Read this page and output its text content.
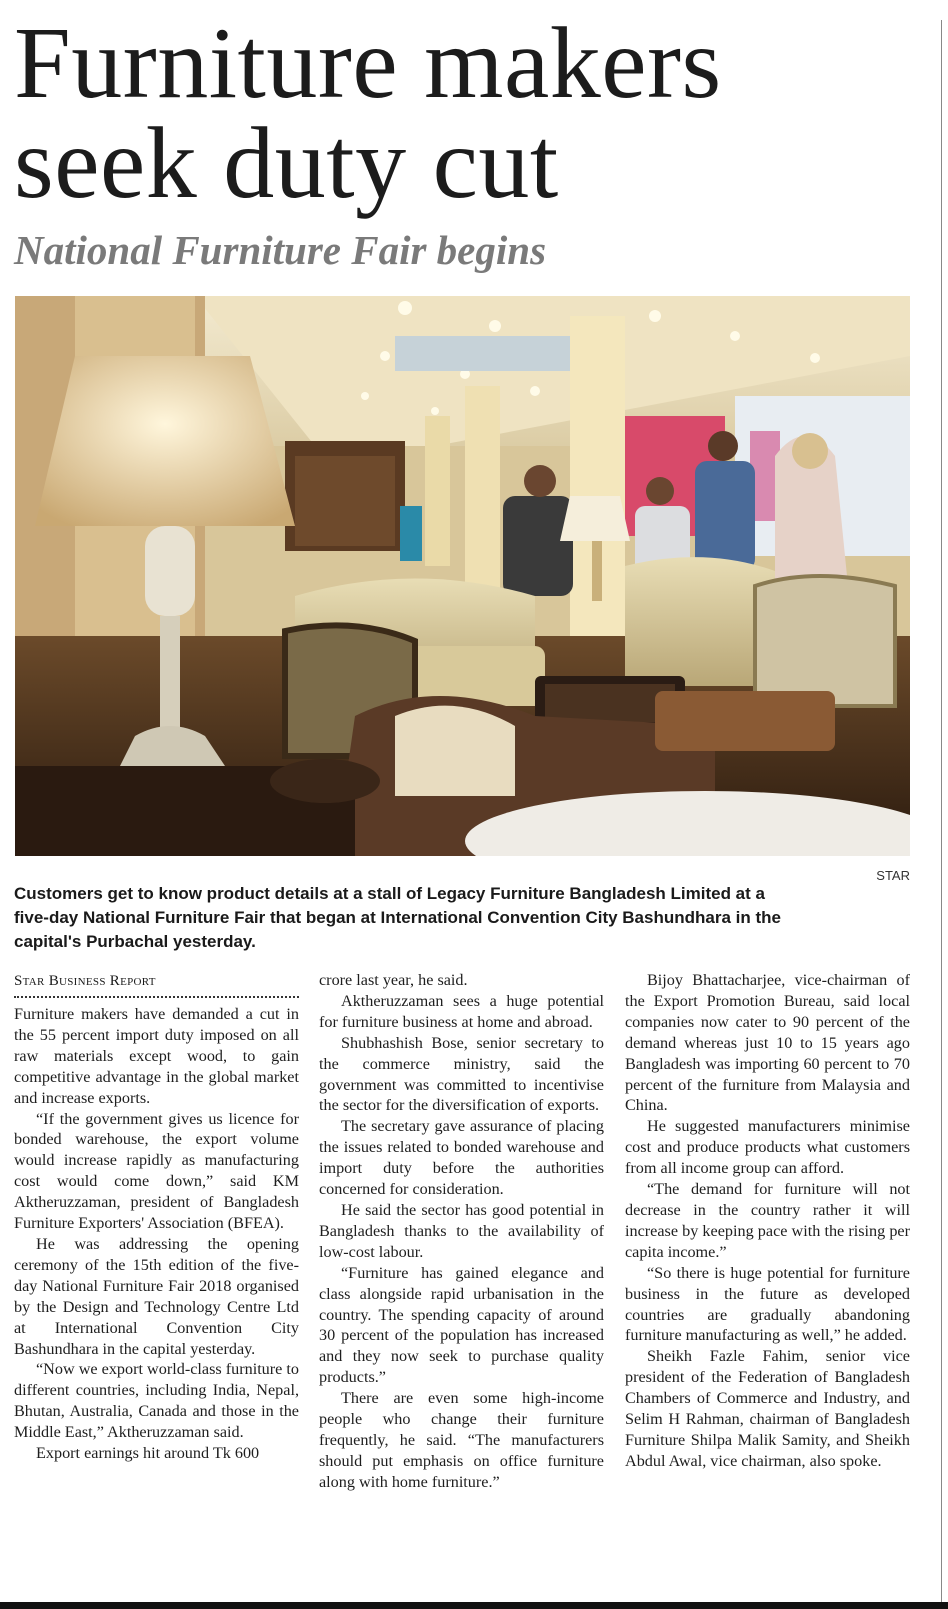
Furniture makers seek duty cut
National Furniture Fair begins
STAR

Customers get to know product details at a stall of Legacy Furniture Bangladesh Limited at a five-day National Furniture Fair that began at International Convention City Bashundhara in the capital's Purbachal yesterday.

Star Business Report

Furniture makers have demanded a cut in the 55 percent import duty imposed on all raw materials except wood, to gain competitive advantage in the global market and increase exports.

“If the government gives us licence for bonded warehouse, the export volume would increase rapidly as manufacturing cost would come down,” said KM Aktheruzzaman, president of Bangladesh Furniture Exporters' Association (BFEA).

He was addressing the opening ceremony of the 15th edition of the five-day National Furniture Fair 2018 organised by the Design and Technology Centre Ltd at International Convention City Bashundhara in the capital yesterday.

“Now we export world-class furniture to different countries, including India, Nepal, Bhutan, Australia, Canada and those in the Middle East,” Aktheruzzaman said.

Export earnings hit around Tk 600

crore last year, he said.

Aktheruzzaman sees a huge potential for furniture business at home and abroad.

Shubhashish Bose, senior secretary to the commerce ministry, said the government was committed to incentivise the sector for the diversification of exports.

The secretary gave assurance of placing the issues related to bonded warehouse and import duty before the authorities concerned for consideration.

He said the sector has good potential in Bangladesh thanks to the availability of low-cost labour.

“Furniture has gained elegance and class alongside rapid urbanisation in the country. The spending capacity of around 30 percent of the population has increased and they now seek to purchase quality products.”

There are even some high-income people who change their furniture frequently, he said. “The manufacturers should put emphasis on office furniture along with home furniture.”

Bijoy Bhattacharjee, vice-chairman of the Export Promotion Bureau, said local companies now cater to 90 percent of the demand whereas just 10 to 15 years ago Bangladesh was importing 60 percent to 70 percent of the furniture from Malaysia and China.

He suggested manufacturers minimise cost and produce products what customers from all income group can afford.

“The demand for furniture will not decrease in the country rather it will increase by keeping pace with the rising per capita income.”

“So there is huge potential for furniture business in the future as developed countries are gradually abandoning furniture manufacturing as well,” he added.

Sheikh Fazle Fahim, senior vice president of the Federation of Bangladesh Chambers of Commerce and Industry, and Selim H Rahman, chairman of Bangladesh Furniture Shilpa Malik Samity, and Sheikh Abdul Awal, vice chairman, also spoke.
